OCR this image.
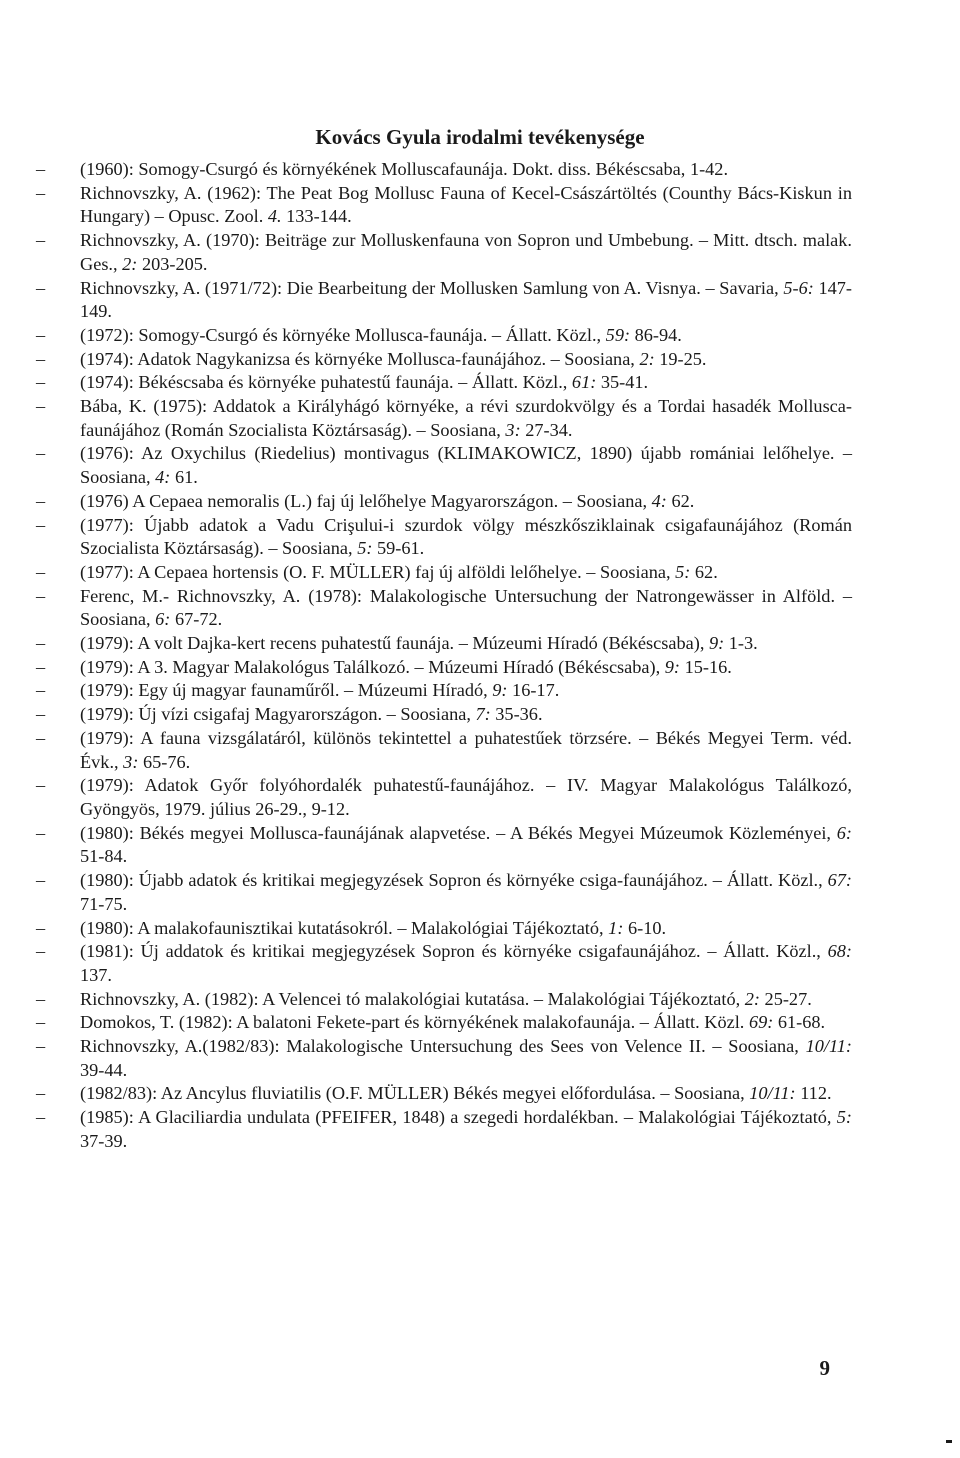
Kovács Gyula irodalmi tevékenysége
– (1960): Somogy-Csurgó és környékének Molluscafaunája. Dokt. diss. Békéscsaba, 1-42.
– Richnovszky, A. (1962): The Peat Bog Mollusc Fauna of Kecel-Császártöltés (Counthy Bács-Kiskun in Hungary) – Opusc. Zool. 4. 133-144.
– Richnovszky, A. (1970): Beiträge zur Molluskenfauna von Sopron und Umbebung. – Mitt. dtsch. malak. Ges., 2: 203-205.
– Richnovszky, A. (1971/72): Die Bearbeitung der Mollusken Samlung von A. Visnya. – Savaria, 5-6: 147-149.
– (1972): Somogy-Csurgó és környéke Mollusca-faunája. – Állatt. Közl., 59: 86-94.
– (1974): Adatok Nagykanizsa és környéke Mollusca-faunájához. – Soosiana, 2: 19-25.
– (1974): Békéscsaba és környéke puhatestű faunája. – Állatt. Közl., 61: 35-41.
– Bába, K. (1975): Addatok a Királyhágó környéke, a révi szurdokvölgy és a Tordai hasadék Mollusca-faunájához (Román Szocialista Köztársaság). – Soosiana, 3: 27-34.
– (1976): Az Oxychilus (Riedelius) montivagus (KLIMAKOWICZ, 1890) újabb romániai lelőhelye. – Soosiana, 4: 61.
– (1976) A Cepaea nemoralis (L.) faj új lelőhelye Magyarországon. – Soosiana, 4: 62.
– (1977): Újabb adatok a Vadu Crişului-i szurdok völgy mészkősziklainak csigafaunájához (Román Szocialista Köztársaság). – Soosiana, 5: 59-61.
– (1977): A Cepaea hortensis (O. F. MÜLLER) faj új alföldi lelőhelye. – Soosiana, 5: 62.
– Ferenc, M.- Richnovszky, A. (1978): Malakologische Untersuchung der Natrongewässer in Alföld. – Soosiana, 6: 67-72.
– (1979): A volt Dajka-kert recens puhatestű faunája. – Múzeumi Híradó (Békéscsaba), 9: 1-3.
– (1979): A 3. Magyar Malakológus Találkozó. – Múzeumi Híradó (Békéscsaba), 9: 15-16.
– (1979): Egy új magyar faunaműről. – Múzeumi Híradó, 9: 16-17.
– (1979): Új vízi csigafaj Magyarországon. – Soosiana, 7: 35-36.
– (1979): A fauna vizsgálatáról, különös tekintettel a puhatestűek törzsére. – Békés Megyei Term. véd. Évk., 3: 65-76.
– (1979): Adatok Győr folyóhordalék puhatestű-faunájához. – IV. Magyar Malakológus Találkozó, Gyöngyös, 1979. július 26-29., 9-12.
– (1980): Békés megyei Mollusca-faunájának alapvetése. – A Békés Megyei Múzeumok Közleményei, 6: 51-84.
– (1980): Újabb adatok és kritikai megjegyzések Sopron és környéke csiga-faunájához. – Állatt. Közl., 67: 71-75.
– (1980): A malakofaunisztikai kutatásokról. – Malakológiai Tájékoztató, 1: 6-10.
– (1981): Új addatok és kritikai megjegyzések Sopron és környéke csigafaunájához. – Állatt. Közl., 68: 137.
– Richnovszky, A. (1982): A Velencei tó malakológiai kutatása. – Malakológiai Tájékoztató, 2: 25-27.
– Domokos, T. (1982): A balatoni Fekete-part és környékének malakofaunája. – Állatt. Közl. 69: 61-68.
– Richnovszky, A.(1982/83): Malakologische Untersuchung des Sees von Velence II. – Soosiana, 10/11: 39-44.
– (1982/83): Az Ancylus fluviatilis (O.F. MÜLLER) Békés megyei előfordulása. – Soosiana, 10/11: 112.
– (1985): A Glaciliardia undulata (PFEIFER, 1848) a szegedi hordalékban. – Malakológiai Tájékoztató, 5: 37-39.
9
